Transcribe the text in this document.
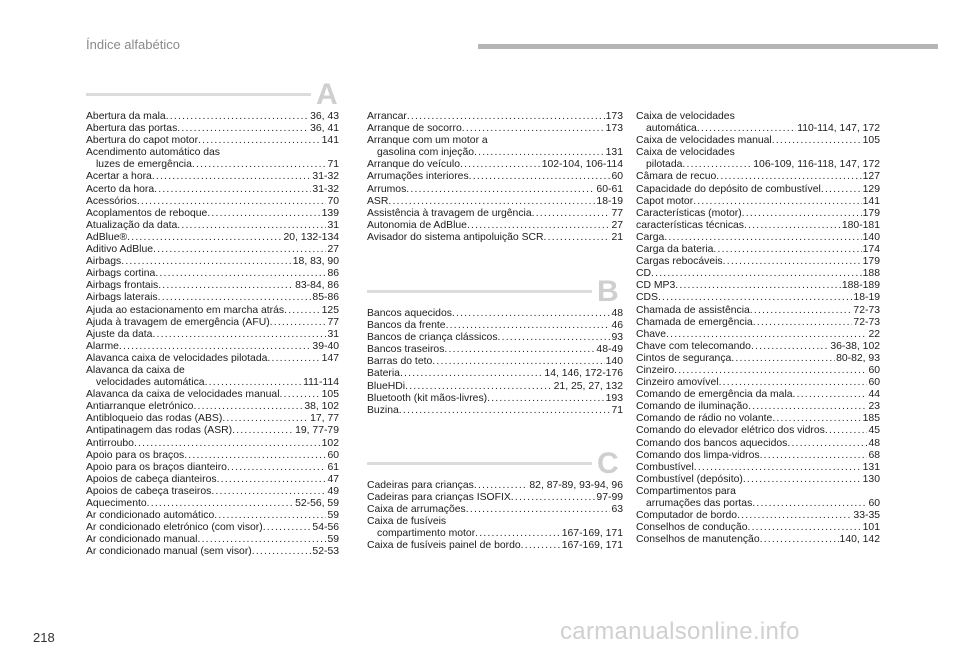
Índice alfabético
A
B
C
Abertura da mala .....	36, 43
Abertura das portas .....	36, 41
Abertura do capot motor .....	141
Acendimento automático das
luzes de emergência .....	71
Acertar a hora .....	31-32
Acerto da hora .....	31-32
Acessórios .....	70
Acoplamentos de reboque .....	139
Atualização da data .....	31
AdBlue® .....	20, 132-134
Aditivo AdBlue .....	27
Airbags .....	18, 83, 90
Airbags cortina .....	86
Airbags frontais .....	83-84, 86
Airbags laterais .....	85-86
Ajuda ao estacionamento em marcha atrás .....	125
Ajuda à travagem de emergência (AFU) .....	77
Ajuste da data .....	31
Alarme .....	39-40
Alavanca caixa de velocidades pilotada .....	147
Alavanca da caixa de
velocidades automática .....	111-114
Alavanca da caixa de velocidades manual .....	105
Antiarranque eletrónico .....	38, 102
Antibloqueio das rodas (ABS) .....	17, 77
Antipatinagem das rodas (ASR) .....	19, 77-79
Antirroubo .....	102
Apoio para os braços .....	60
Apoio para os braços dianteiro .....	61
Apoios de cabeça dianteiros .....	47
Apoios de cabeça traseiros .....	49
Aquecimento .....	52-56, 59
Ar condicionado automático .....	59
Ar condicionado eletrónico (com visor) .....	54-56
Ar condicionado manual .....	59
Ar condicionado manual (sem visor) .....	52-53
Arrancar .....	173
Arranque de socorro .....	173
Arranque com um motor a
gasolina com injeção .....	131
Arranque do veículo .....	102-104, 106-114
Arrumações interiores .....	60
Arrumos .....	60-61
ASR .....	18-19
Assistência à travagem de urgência .....	77
Autonomia de AdBlue .....	27
Avisador do sistema antipoluição SCR .....	21
Bancos aquecidos .....	48
Bancos da frente .....	46
Bancos de criança clássicos .....	93
Bancos traseiros .....	48-49
Barras do teto .....	140
Bateria .....	14, 146, 172-176
BlueHDi .....	21, 25, 27, 132
Bluetooth (kit mãos-livres) .....	193
Buzina .....	71
Cadeiras para crianças .....	82, 87-89, 93-94, 96
Cadeiras para crianças ISOFIX .....	97-99
Caixa de arrumações .....	63
Caixa de fusíveis
compartimento motor .....	167-169, 171
Caixa de fusíveis painel de bordo .....	167-169, 171
Caixa de velocidades
automática .....	110-114, 147, 172
Caixa de velocidades manual .....	105
Caixa de velocidades
pilotada .....	106-109, 116-118, 147, 172
Câmara de recuo .....	127
Capacidade do depósito de combustível .....	129
Capot motor .....	141
Características (motor) .....	179
características técnicas .....	180-181
Carga .....	140
Carga da bateria .....	174
Cargas rebocáveis .....	179
CD .....	188
CD MP3 .....	188-189
CDS .....	18-19
Chamada de assistência .....	72-73
Chamada de emergência .....	72-73
Chave .....	22
Chave com telecomando .....	36-38, 102
Cintos de segurança .....	80-82, 93
Cinzeiro .....	60
Cinzeiro amovível .....	60
Comando de emergência da mala .....	44
Comando de iluminação .....	23
Comando de rádio no volante .....	185
Comando do elevador elétrico dos vidros .....	45
Comando dos bancos aquecidos .....	48
Comando dos limpa-vidros .....	68
Combustível .....	131
Combustível (depósito) .....	130
Compartimentos para
arrumações das portas .....	60
Computador de bordo .....	33-35
Conselhos de condução .....	101
Conselhos de manutenção .....	140, 142
218	carmanualsonline.info
